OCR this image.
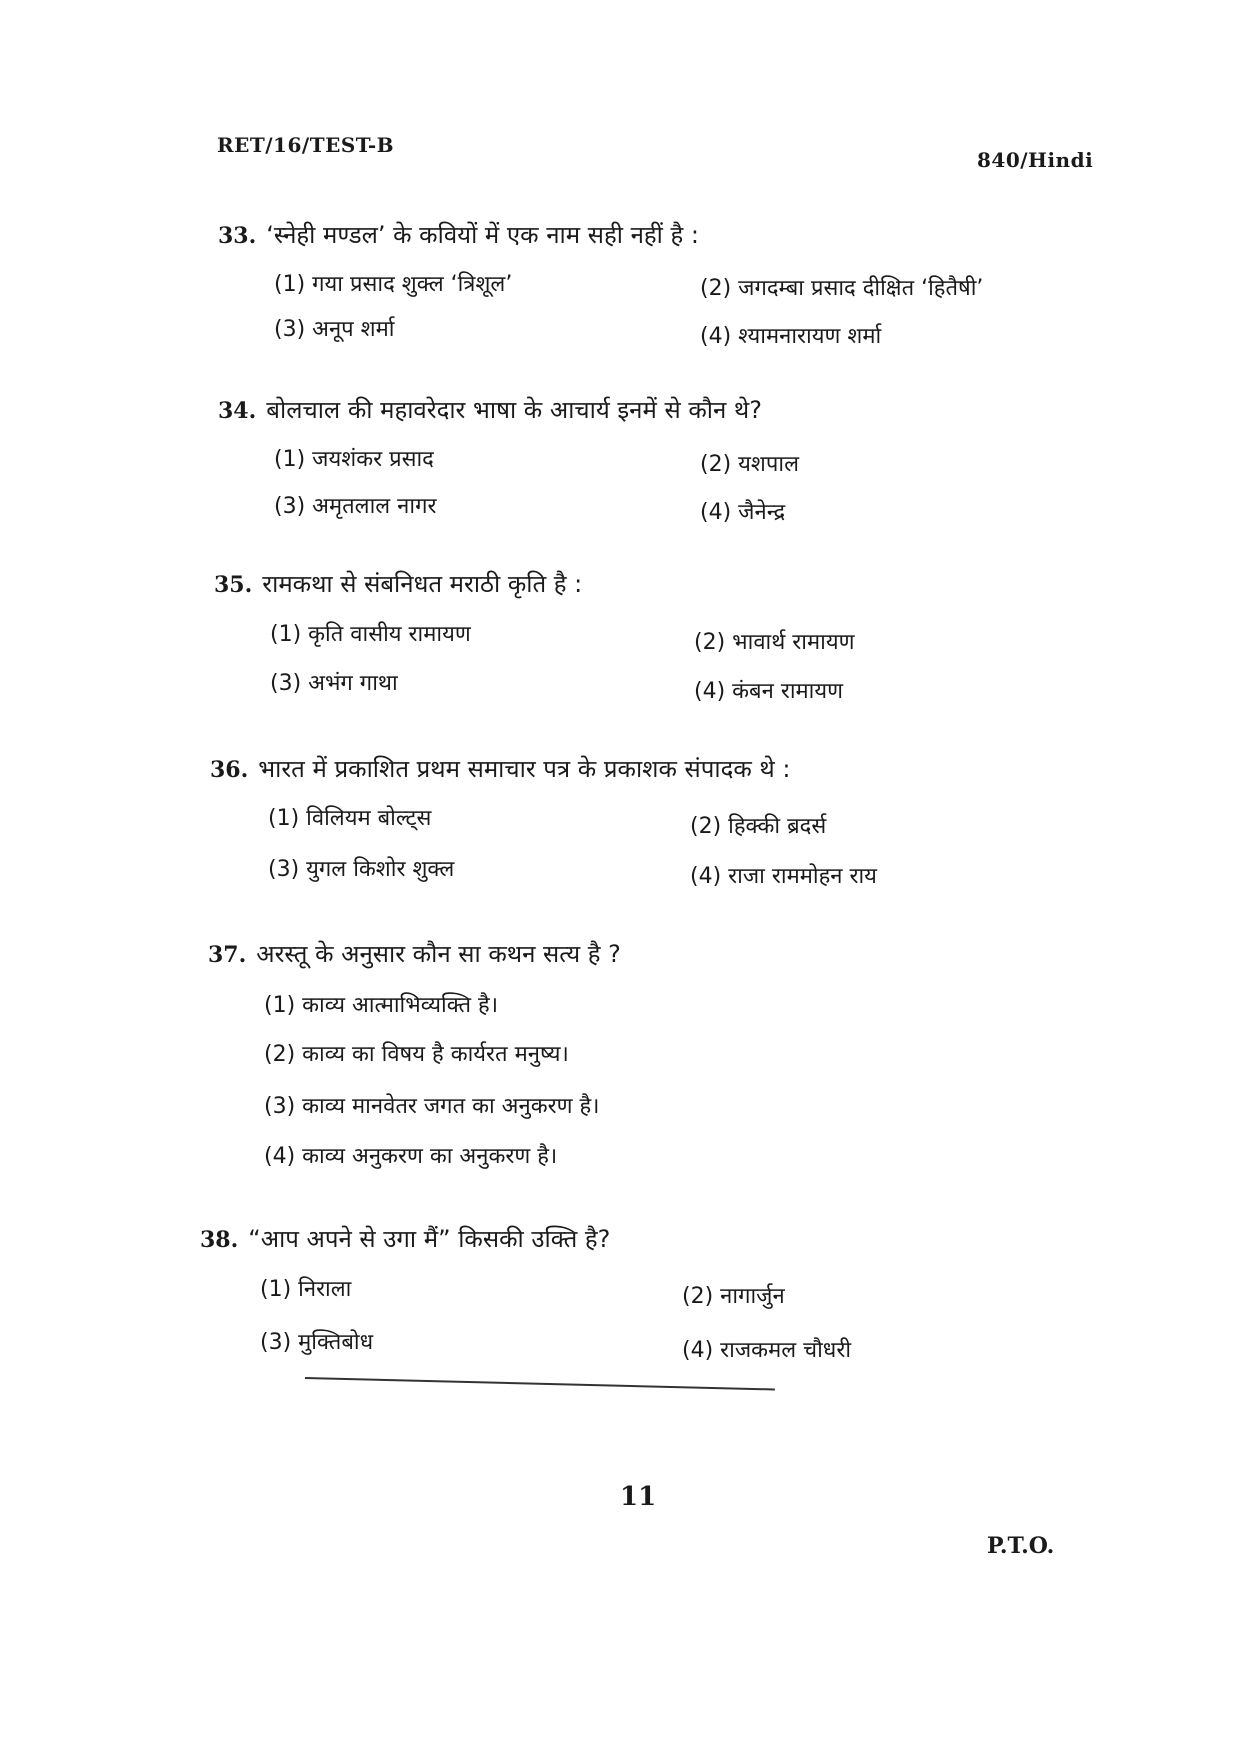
RET/16/TEST-B
840/Hindi
33. ‘स्नेही मण्डल’ के कवियों में एक नाम सही नहीं है :
(1) गया प्रसाद शुक्ल ‘त्रिशूल’	(2) जगदम्बा प्रसाद दीक्षित ‘हितैषी’
(3) अनूप शर्मा	(4) श्यामनारायण शर्मा
34. बोलचाल की महावरेदार भाषा के आचार्य इनमें से कौन थे?
(1) जयशंकर प्रसाद	(2) यशपाल
(3) अमृतलाल नागर	(4) जैनेन्द्र
35. रामकथा से संबनिधत मराठी कृति है :
(1) कृति वासीय रामायण	(2) भावार्थ रामायण
(3) अभंग गाथा	(4) कंबन रामायण
36. भारत में प्रकाशित प्रथम समाचार पत्र के प्रकाशक संपादक थे :
(1) विलियम बोल्ट्स	(2) हिक्की ब्रदर्स
(3) युगल किशोर शुक्ल	(4) राजा राममोहन राय
37. अरस्तू के अनुसार कौन सा कथन सत्य है ?
(1) काव्य आत्माभिव्यक्ति है।
(2) काव्य का विषय है कार्यरत मनुष्य।
(3) काव्य मानवेतर जगत का अनुकरण है।
(4) काव्य अनुकरण का अनुकरण है।
38. “आप अपने से उगा मैं” किसकी उक्ति है?
(1) निराला	(2) नागार्जुन
(3) मुक्तिबोध	(4) राजकमल चौधरी
11
P.T.O.
